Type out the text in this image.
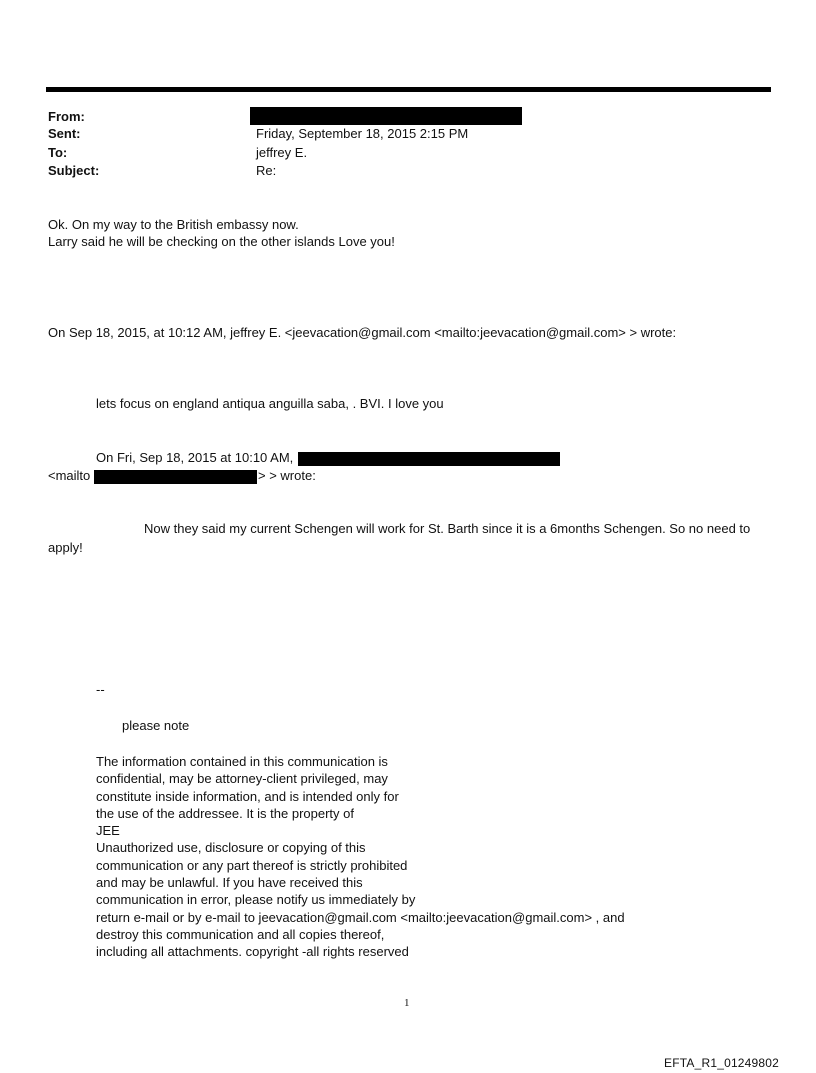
From:
Sent:	Friday, September 18, 2015 2:15 PM
To:	jeffrey E.
Subject:	Re:
Ok. On my way to the British embassy now.
Larry said he will be checking on the other islands Love you!
On Sep 18, 2015, at 10:12 AM, jeffrey E. <jeevacation@gmail.com <mailto:jeevacation@gmail.com> > wrote:
lets focus on england antiqua anguilla saba, . BVI. I love you
On Fri, Sep 18, 2015 at 10:10 AM,
<mailto	> > wrote:
Now they said my current Schengen will work for St. Barth since it is a 6months Schengen. So no need to
apply!
--
please note
The information contained in this communication is
confidential, may be attorney-client privileged, may
constitute inside information, and is intended only for
the use of the addressee. It is the property of
JEE
Unauthorized use, disclosure or copying of this
communication or any part thereof is strictly prohibited
and may be unlawful. If you have received this
communication in error, please notify us immediately by
return e-mail or by e-mail to jeevacation@gmail.com <mailto:jeevacation@gmail.com> , and
destroy this communication and all copies thereof,
including all attachments. copyright -all rights reserved
1
EFTA_R1_01249802
